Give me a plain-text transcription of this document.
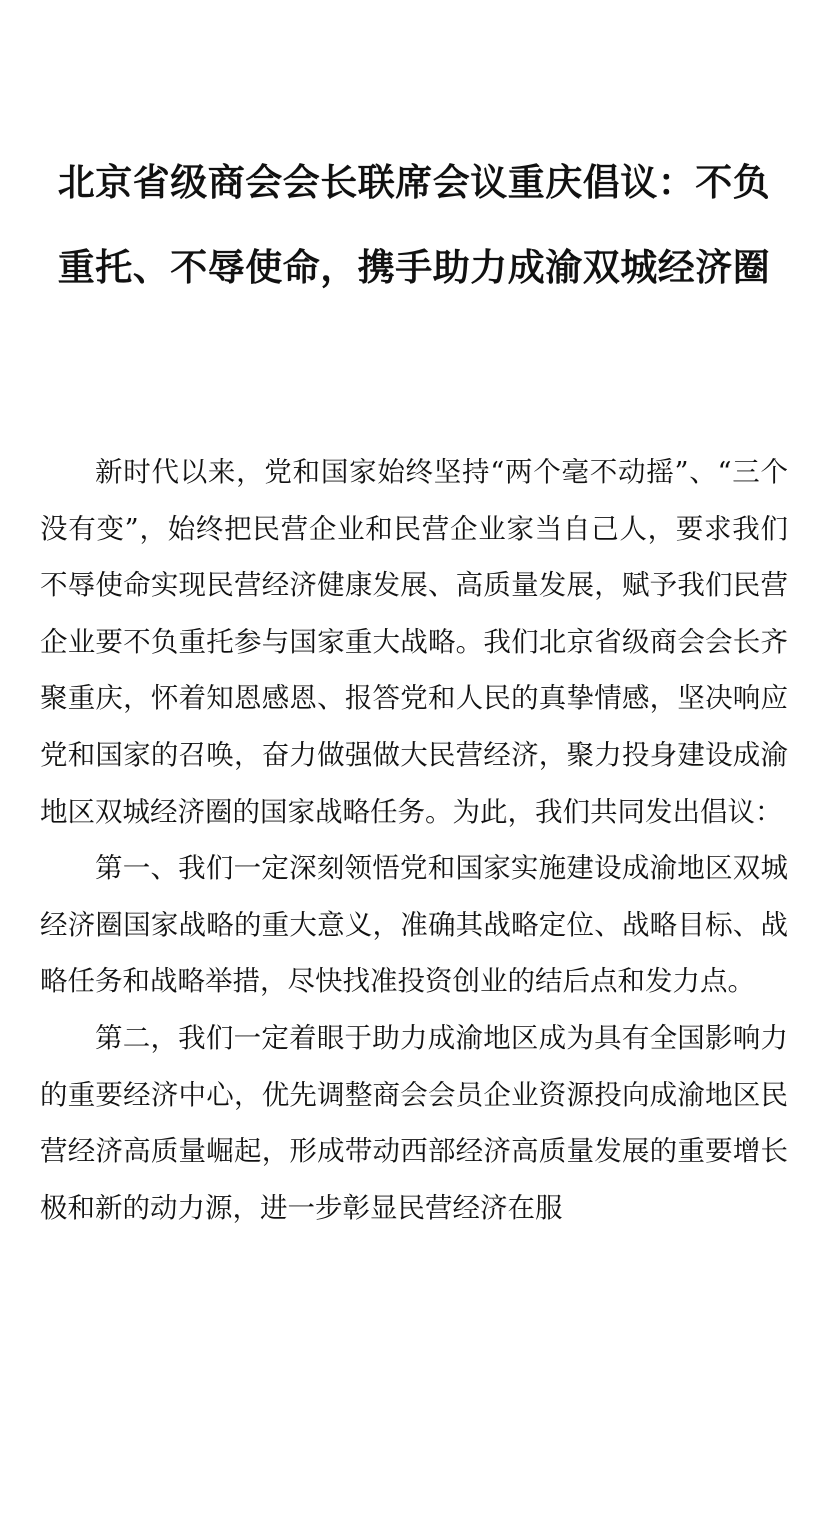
北京省级商会会长联席会议重庆倡议：不负重托、不辱使命，携手助力成渝双城经济圈

新时代以来，党和国家始终坚持“两个毫不动摇”、“三个没有变”，始终把民营企业和民营企业家当自己人，要求我们不辱使命实现民营经济健康发展、高质量发展，赋予我们民营企业要不负重托参与国家重大战略。我们北京省级商会会长齐聚重庆，怀着知恩感恩、报答党和人民的真挚情感，坚决响应党和国家的召唤，奋力做强做大民营经济，聚力投身建设成渝地区双城经济圈的国家战略任务。为此，我们共同发出倡议：

第一、我们一定深刻领悟党和国家实施建设成渝地区双城经济圈国家战略的重大意义，准确其战略定位、战略目标、战略任务和战略举措，尽快找准投资创业的结后点和发力点。

第二，我们一定着眼于助力成渝地区成为具有全国影响力的重要经济中心，优先调整商会会员企业资源投向成渝地区民营经济高质量崛起，形成带动西部经济高质量发展的重要增长极和新的动力源，进一步彰显民营经济在服
